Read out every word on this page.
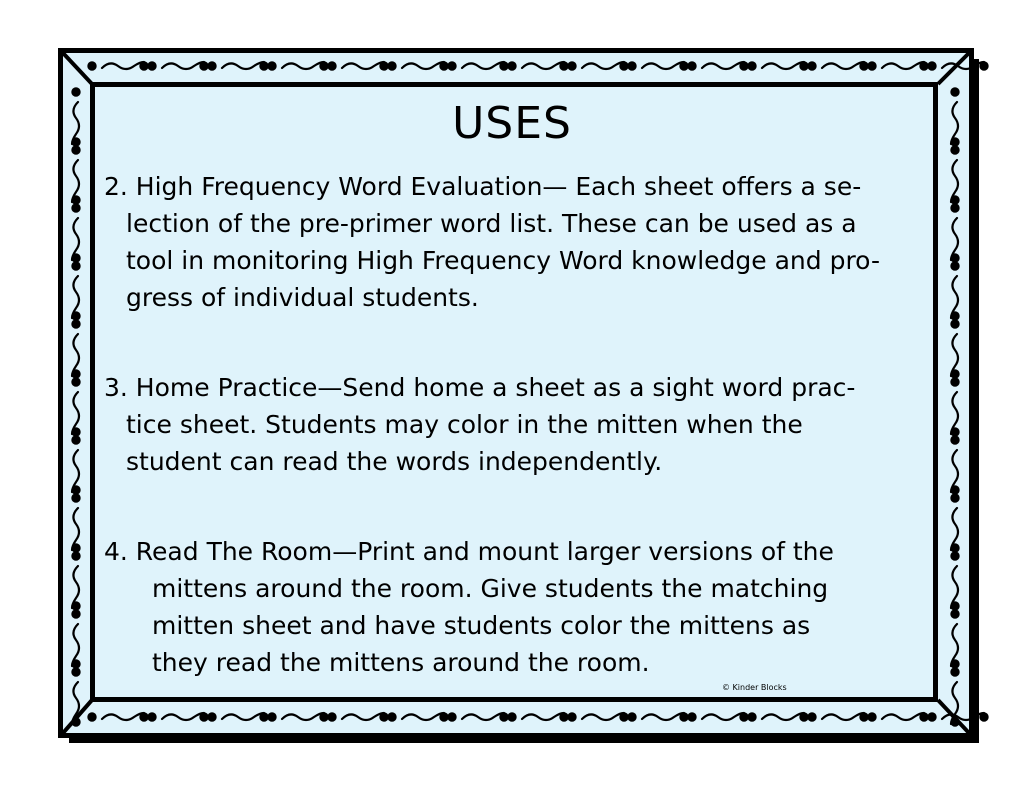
USES
2. High Frequency Word Evaluation— Each sheet offers a se-
lection of the pre-primer word list. These can be used as a
tool in monitoring High Frequency Word knowledge and pro-
gress of individual students.
3. Home Practice—Send home a sheet as a sight word prac-
tice sheet. Students may color in the mitten when the
student can read the words independently.
4. Read The Room—Print and mount larger versions of the
mittens around the room. Give students the matching
mitten sheet and have students color the mittens as
they read the mittens around the room.

© Kinder Blocks
